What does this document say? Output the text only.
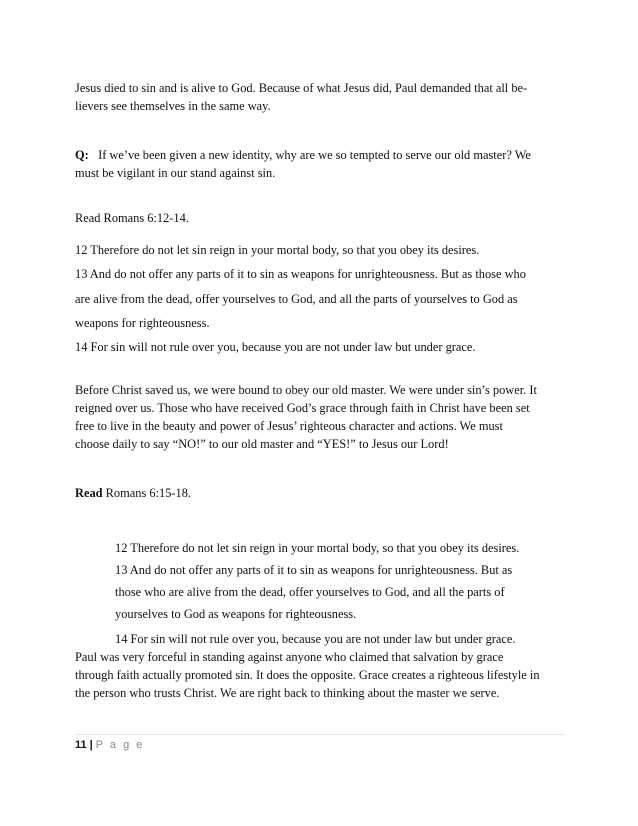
Jesus died to sin and is alive to God. Because of what Jesus did, Paul demanded that all be-
lievers see themselves in the same way.
Q: If we’ve been given a new identity, why are we so tempted to serve our old master? We
must be vigilant in our stand against sin.
Read Romans 6:12-14.
12 Therefore do not let sin reign in your mortal body, so that you obey its desires.
13 And do not offer any parts of it to sin as weapons for unrighteousness. But as those who
are alive from the dead, offer yourselves to God, and all the parts of yourselves to God as
weapons for righteousness.
14 For sin will not rule over you, because you are not under law but under grace.
Before Christ saved us, we were bound to obey our old master. We were under sin’s power. It
reigned over us. Those who have received God’s grace through faith in Christ have been set
free to live in the beauty and power of Jesus’ righteous character and actions. We must
choose daily to say “NO!” to our old master and “YES!” to Jesus our Lord!
Read Romans 6:15-18.
12 Therefore do not let sin reign in your mortal body, so that you obey its desires.
13 And do not offer any parts of it to sin as weapons for unrighteousness. But as
those who are alive from the dead, offer yourselves to God, and all the parts of
yourselves to God as weapons for righteousness.
14 For sin will not rule over you, because you are not under law but under grace.
Paul was very forceful in standing against anyone who claimed that salvation by grace
through faith actually promoted sin. It does the opposite. Grace creates a righteous lifestyle in
the person who trusts Christ. We are right back to thinking about the master we serve.
11 | P a g e
